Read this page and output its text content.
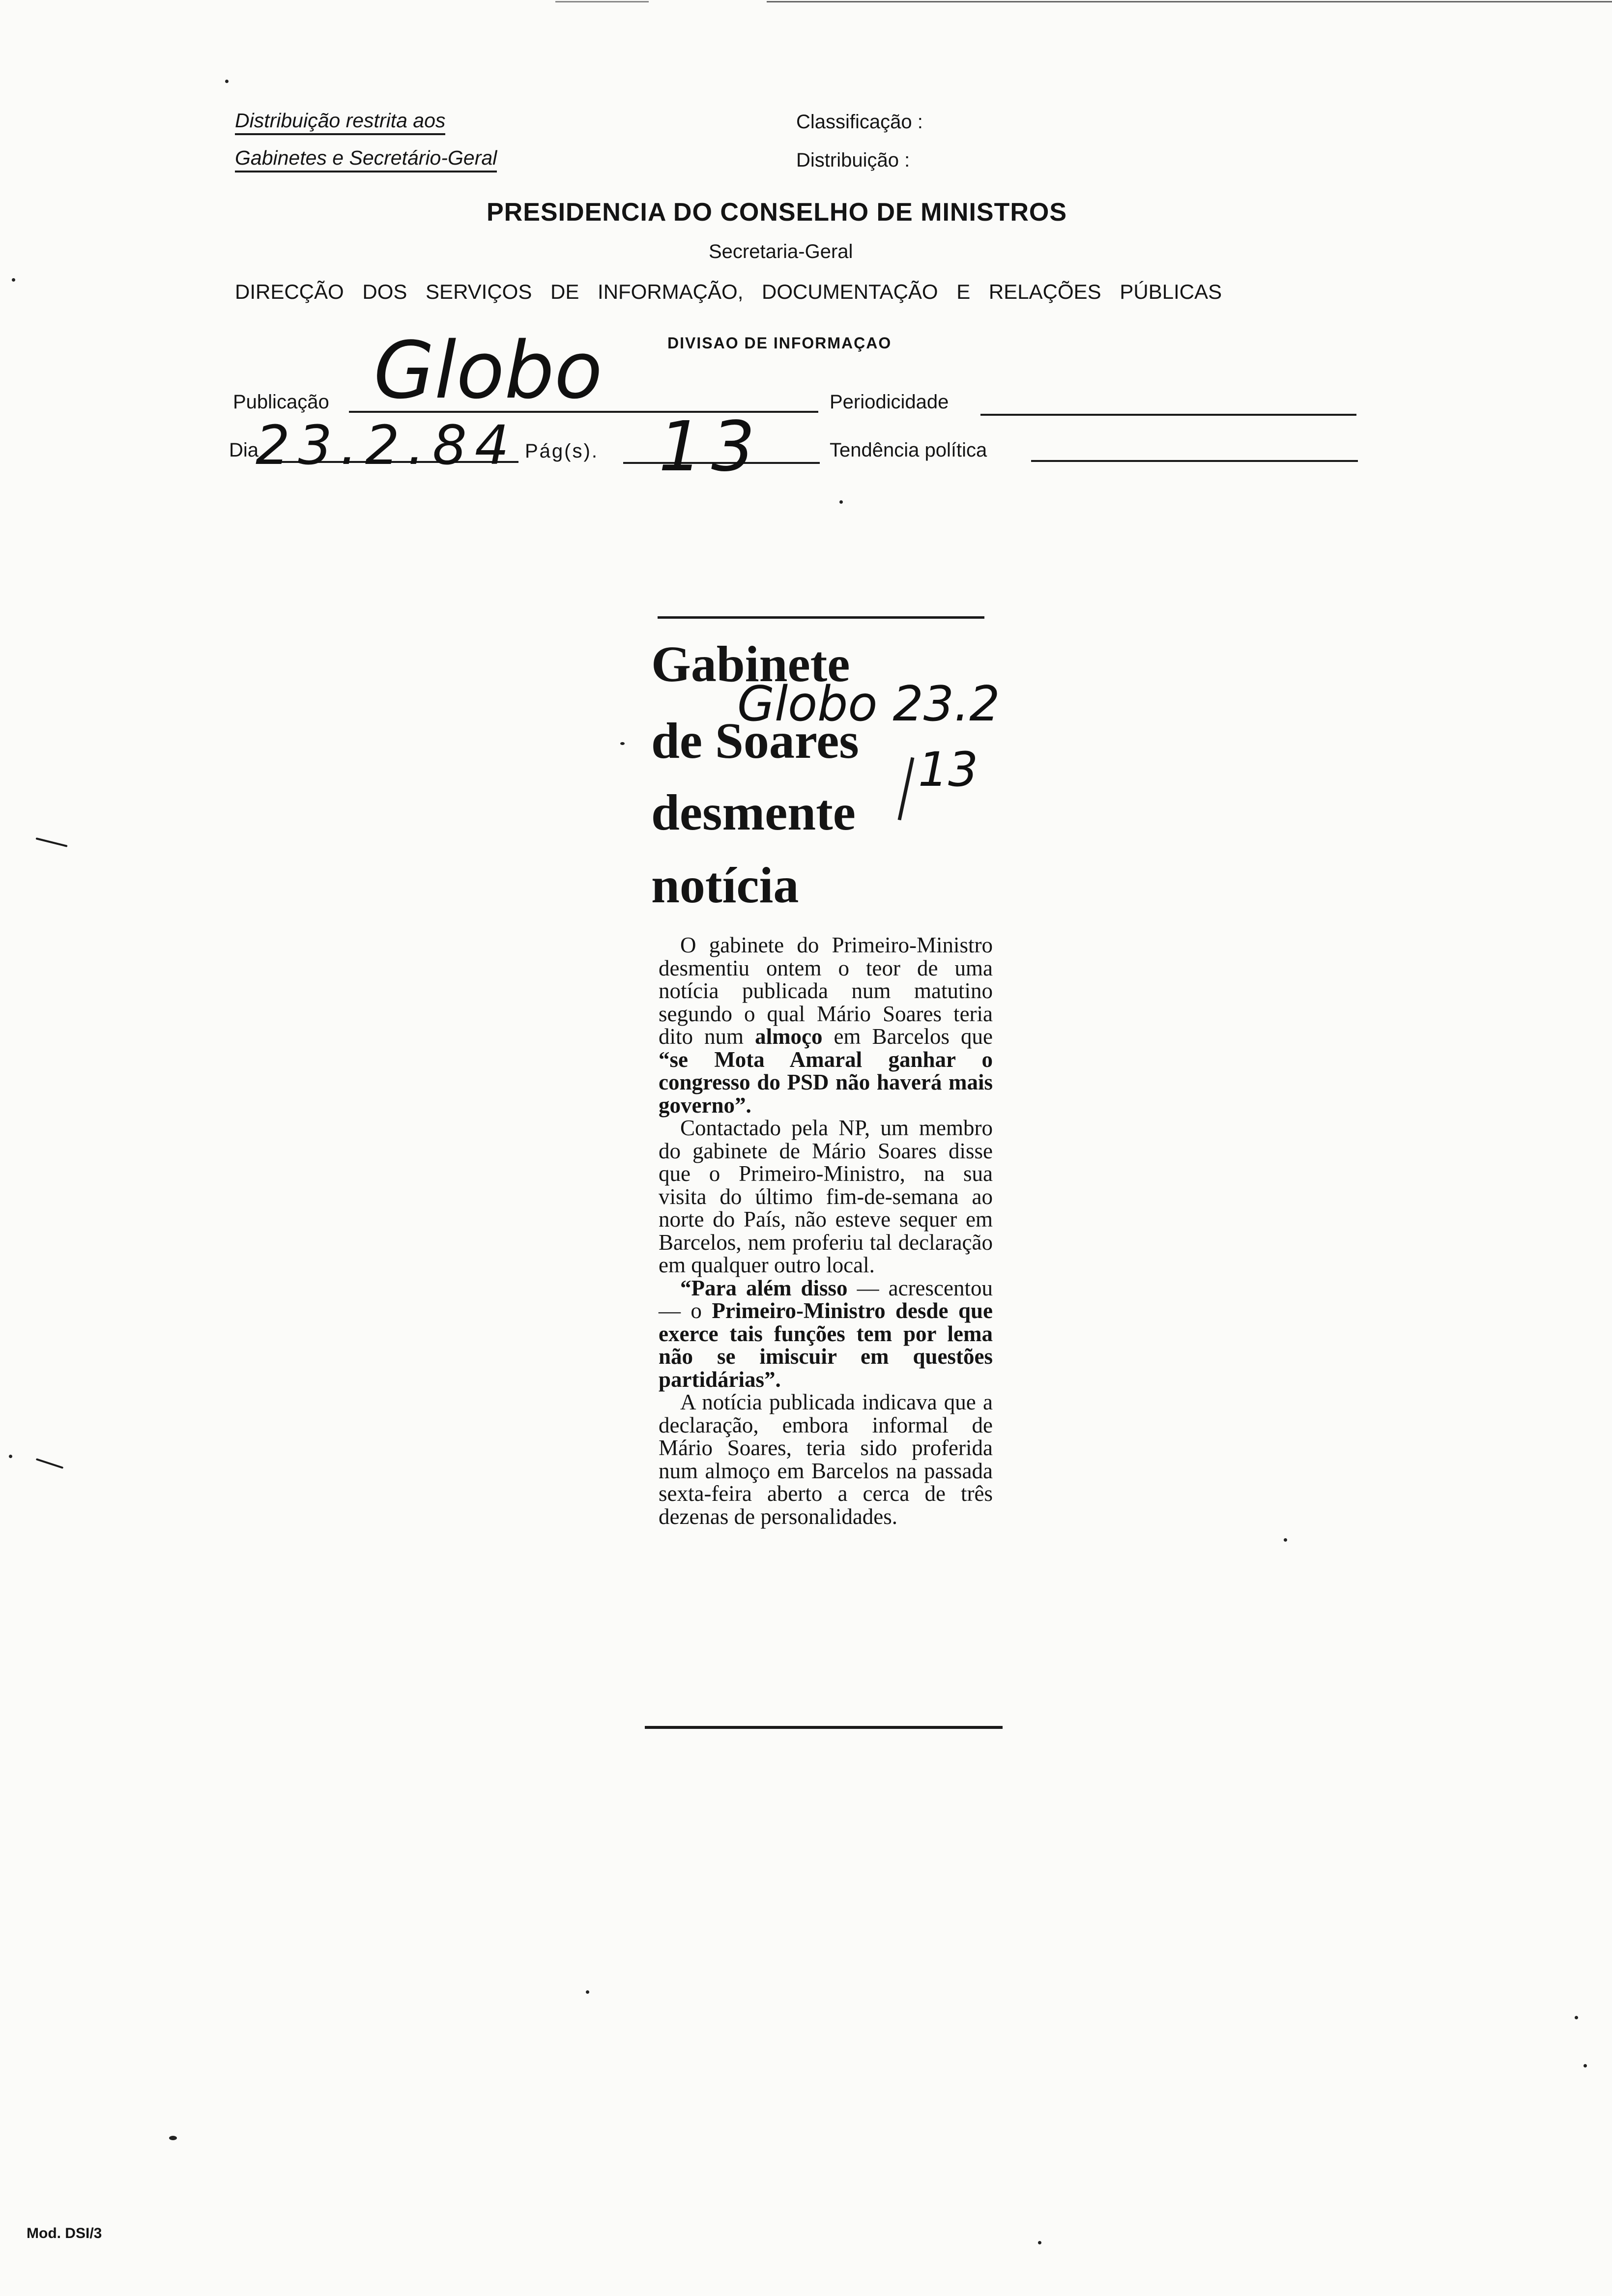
Distribuição restrita aos
Gabinetes e Secretário-Geral
Classificação :
Distribuição :
PRESIDENCIA DO CONSELHO DE MINISTROS
Secretaria-Geral
DIRECÇÃO DOS SERVIÇOS DE INFORMAÇÃO, DOCUMENTAÇÃO E RELAÇÕES PÚBLICAS
DIVISAO DE INFORMAÇAO
Publicação Globo	Periodicidade
Dia
23.2.84 Pág(s). 13	Tendência política
Gabinete
de Soares
desmente
notícia
Globo 23.2
13

O gabinete do Primeiro-Ministro desmentiu ontem o teor de uma notícia publicada num matutino segundo o qual Mário Soares teria dito num almoço em Barcelos que “se Mota Amaral ganhar o congresso do PSD não haverá mais governo”.

Contactado pela NP, um membro do gabinete de Mário Soares disse que o Primeiro-Ministro, na sua visita do último fim-de-semana ao norte do País, não esteve sequer em Barcelos, nem proferiu tal declaração em qualquer outro local.

“Para além disso — acrescentou — o Primeiro-Ministro desde que exerce tais funções tem por lema não se imiscuir em questões partidárias”.

A notícia publicada indicava que a declaração, embora informal de Mário Soares, teria sido proferida num almoço em Barcelos na passada sexta-feira aberto a cerca de três dezenas de personalidades.

Mod. DSI/3
